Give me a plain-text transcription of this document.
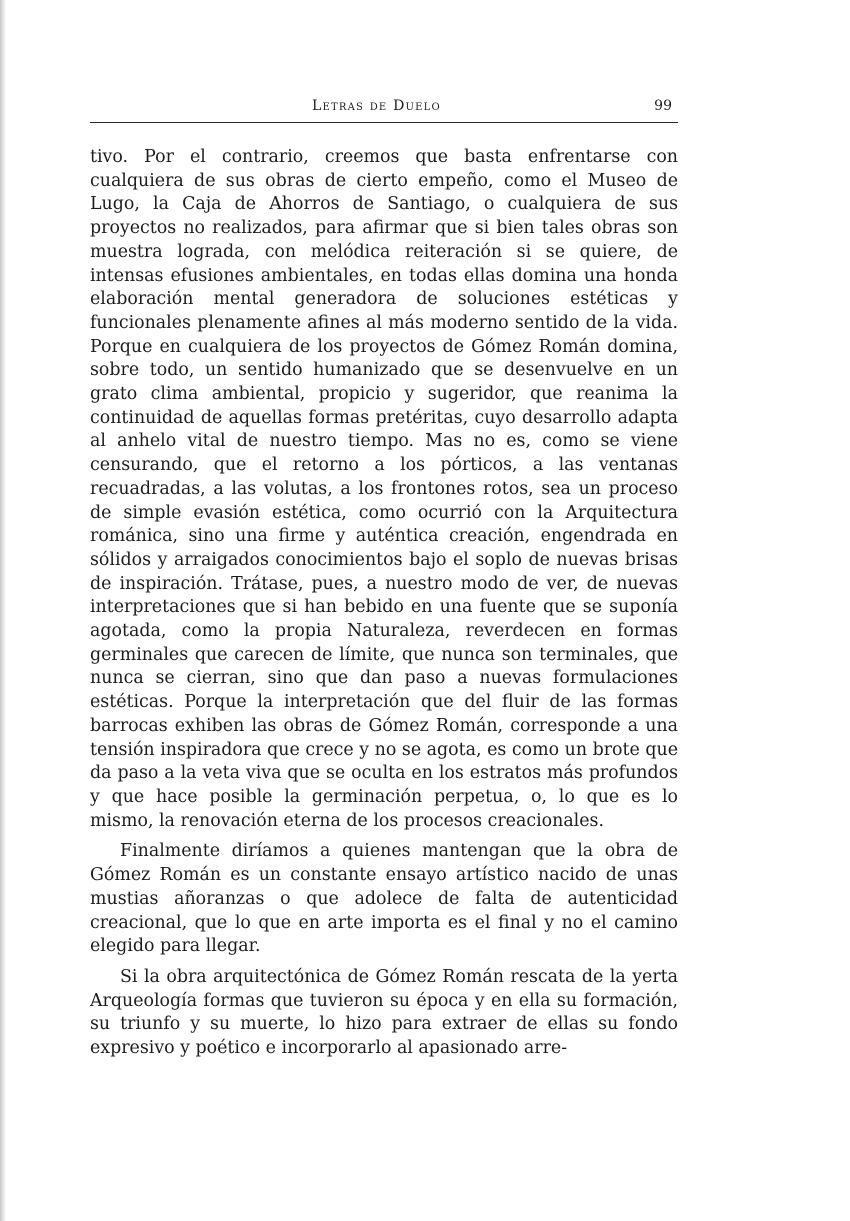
Letras de Duelo	99

tivo. Por el contrario, creemos que basta enfrentarse con cualquiera de sus obras de cierto empeño, como el Museo de Lugo, la Caja de Ahorros de Santiago, o cualquiera de sus proyectos no realizados, para afirmar que si bien tales obras son muestra lograda, con melódica reiteración si se quiere, de intensas efusiones ambientales, en todas ellas domina una honda elaboración mental generadora de soluciones estéticas y funcionales plenamente afines al más moderno sentido de la vida. Porque en cualquiera de los proyectos de Gómez Román domina, sobre todo, un sentido humanizado que se desenvuelve en un grato clima ambiental, propicio y sugeridor, que reanima la continuidad de aquellas formas pretéritas, cuyo desarrollo adapta al anhelo vital de nuestro tiempo. Mas no es, como se viene censurando, que el retorno a los pórticos, a las ventanas recuadradas, a las volutas, a los frontones rotos, sea un proceso de simple evasión estética, como ocurrió con la Arquitectura románica, sino una firme y auténtica creación, engendrada en sólidos y arraigados conocimientos bajo el soplo de nuevas brisas de inspiración. Trátase, pues, a nuestro modo de ver, de nuevas interpretaciones que si han bebido en una fuente que se suponía agotada, como la propia Naturaleza, reverdecen en formas germinales que carecen de límite, que nunca son terminales, que nunca se cierran, sino que dan paso a nuevas formulaciones estéticas. Porque la interpretación que del fluir de las formas barrocas exhiben las obras de Gómez Román, corresponde a una tensión inspiradora que crece y no se agota, es como un brote que da paso a la veta viva que se oculta en los estratos más profundos y que hace posible la germinación perpetua, o, lo que es lo mismo, la renovación eterna de los procesos creacionales.

Finalmente diríamos a quienes mantengan que la obra de Gómez Román es un constante ensayo artístico nacido de unas mustias añoranzas o que adolece de falta de autenticidad creacional, que lo que en arte importa es el final y no el camino elegido para llegar.

Si la obra arquitectónica de Gómez Román rescata de la yerta Arqueología formas que tuvieron su época y en ella su formación, su triunfo y su muerte, lo hizo para extraer de ellas su fondo expresivo y poético e incorporarlo al apasionado arre-
